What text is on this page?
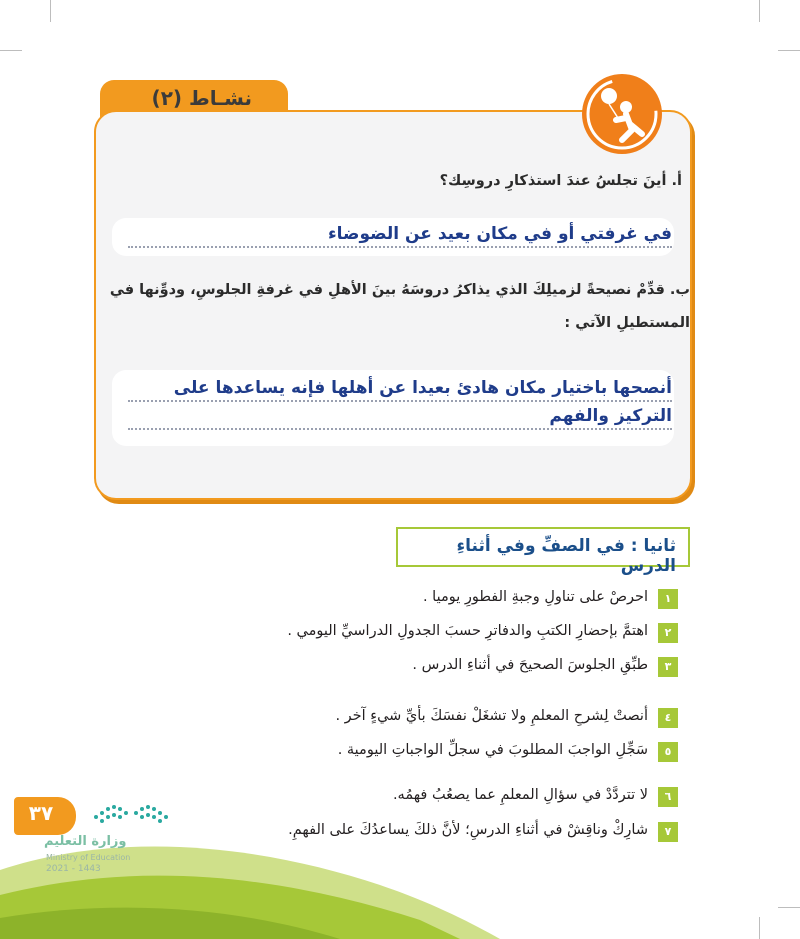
نشـاط (٢)
أ. أينَ تجلسُ عندَ استذكارِ دروسِك؟
في غرفتي أو في مكان بعيد عن الضوضاء
ب. قدِّمْ نصيحةً لزميلِكَ الذي يذاكرُ دروسَهُ بينَ الأهلِ في غرفةِ الجلوسِ، ودوِّنها في
المستطيلِ الآتي :
أنصحها باختيار مكان هادئ بعيدا عن أهلها فإنه يساعدها على
التركيز والفهم
ثانيا : في الصفِّ وفي أثناءِ الدرس
١
احرصْ على تناولِ وجبةِ الفطورِ يوميا .
٢
اهتمَّ بإحضارِ الكتبِ والدفاترِ حسبَ الجدولِ الدراسيِّ اليومي .
٣
طبِّقِ الجلوسَ الصحيحَ في أثناءِ الدرس .
٤
أنصتْ لِشرحِ المعلمِ ولا تشغَلْ نفسَكَ بأيِّ شيءٍ آخر .
٥
سَجِّلِ الواجبَ المطلوبَ في سجلِّ الواجباتِ اليومية .
٦
لا تتردَّدْ في سؤالِ المعلمِ عما يصعُبُ فهمُه.
٧
شارِكْ وناقِشْ في أثناءِ الدرسِ؛ لأنَّ ذلكَ يساعدُكَ على الفهمِ.
٣٧
وزارة التعليم
Ministry of Education
2021 - 1443
